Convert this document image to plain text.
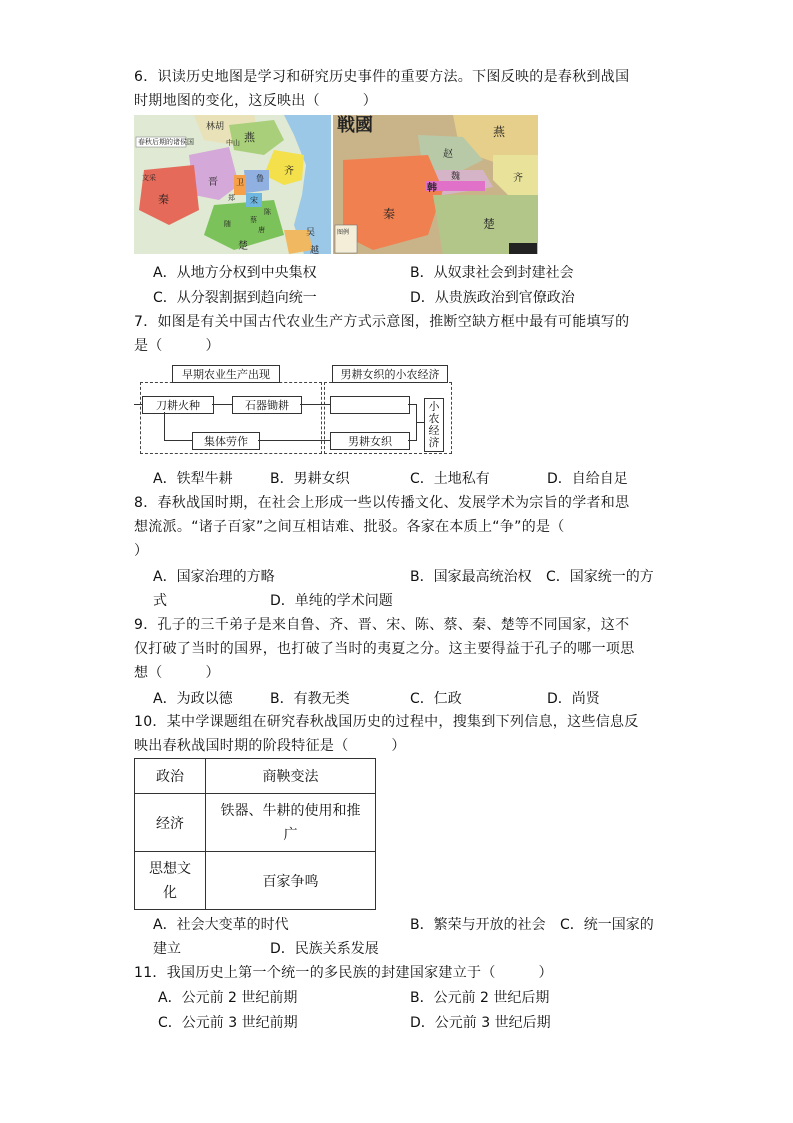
6．识读历史地图是学习和研究历史事件的重要方法。下图反映的是春秋到战国
时期地图的变化，这反映出（　　　）
春秋后期的诸侯国
林胡
燕
中山
齐
晋	鲁
卫
宋
秦
楚
吴
越
陈
蔡
郑
唐
随
文采
戦國	燕
赵
齐
魏
韩
秦
楚
图例
A．从地方分权到中央集权	B．从奴隶社会到封建社会
C．从分裂割据到趋向统一	D．从贵族政治到官僚政治
7．如图是有关中国古代农业生产方式示意图，推断空缺方框中最有可能填写的
是（　　　）
早期农业生产出现	男耕女织的小农经济
刀耕火种	石器锄耕
集体劳作	男耕女织
小农经济
A．铁犁牛耕	B．男耕女织	C．土地私有	D．自给自足
8．春秋战国时期，在社会上形成一些以传播文化、发展学术为宗旨的学者和思
想流派。“诸子百家”之间互相诘难、批驳。各家在本质上“争”的是（
）
A．国家治理的方略	B．国家最高统治权 C．国家统一的方
式	D．单纯的学术问题
9．孔子的三千弟子是来自鲁、齐、晋、宋、陈、蔡、秦、楚等不同国家，这不
仅打破了当时的国界，也打破了当时的夷夏之分。这主要得益于孔子的哪一项思
想（　　　）
A．为政以德	B．有教无类	C．仁政	D．尚贤
10．某中学课题组在研究春秋战国历史的过程中，搜集到下列信息，这些信息反
映出春秋战国时期的阶段特征是（　　　）
政治	商鞅变法
经济	铁器、牛耕的使用和推
广
思想文
化	百家争鸣
A．社会大变革的时代	B．繁荣与开放的社会 C．统一国家的
建立	D．民族关系发展
11．我国历史上第一个统一的多民族的封建国家建立于（　　　）
A．公元前 2 世纪前期	B．公元前 2 世纪后期
C．公元前 3 世纪前期	D．公元前 3 世纪后期
